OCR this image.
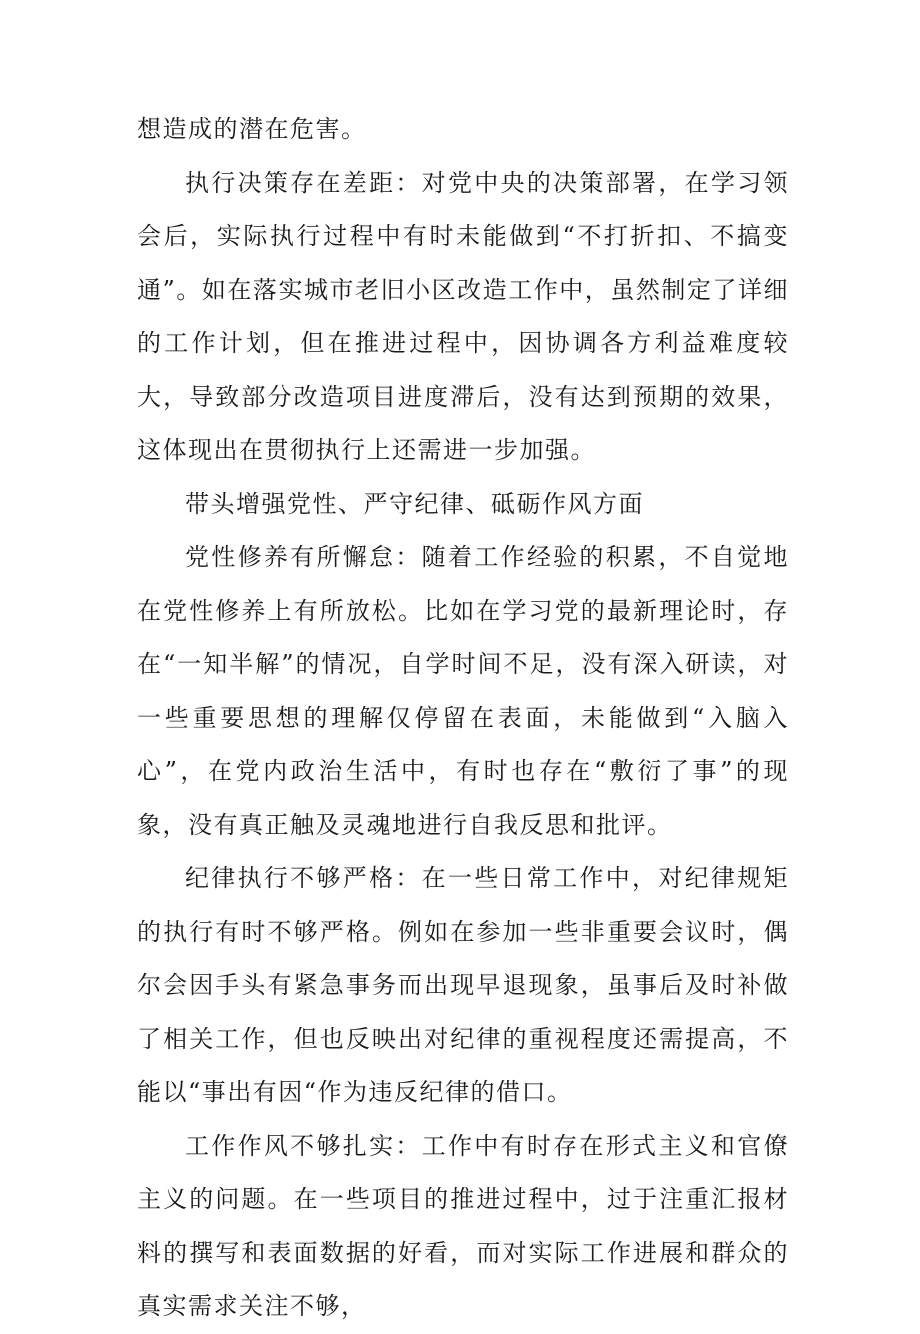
想造成的潜在危害。

执行决策存在差距：对党中央的决策部署，在学习领会后，实际执行过程中有时未能做到“不打折扣、不搞变通”。如在落实城市老旧小区改造工作中，虽然制定了详细的工作计划，但在推进过程中，因协调各方利益难度较大，导致部分改造项目进度滞后，没有达到预期的效果，这体现出在贯彻执行上还需进一步加强。

带头增强党性、严守纪律、砥砺作风方面

党性修养有所懈怠：随着工作经验的积累，不自觉地在党性修养上有所放松。比如在学习党的最新理论时，存在“一知半解”的情况，自学时间不足，没有深入研读，对一些重要思想的理解仅停留在表面，未能做到“入脑入心”，在党内政治生活中，有时也存在“敷衍了事”的现象，没有真正触及灵魂地进行自我反思和批评。

纪律执行不够严格：在一些日常工作中，对纪律规矩的执行有时不够严格。例如在参加一些非重要会议时，偶尔会因手头有紧急事务而出现早退现象，虽事后及时补做了相关工作，但也反映出对纪律的重视程度还需提高，不能以“事出有因“作为违反纪律的借口。

工作作风不够扎实：工作中有时存在形式主义和官僚主义的问题。在一些项目的推进过程中，过于注重汇报材料的撰写和表面数据的好看，而对实际工作进展和群众的真实需求关注不够，
